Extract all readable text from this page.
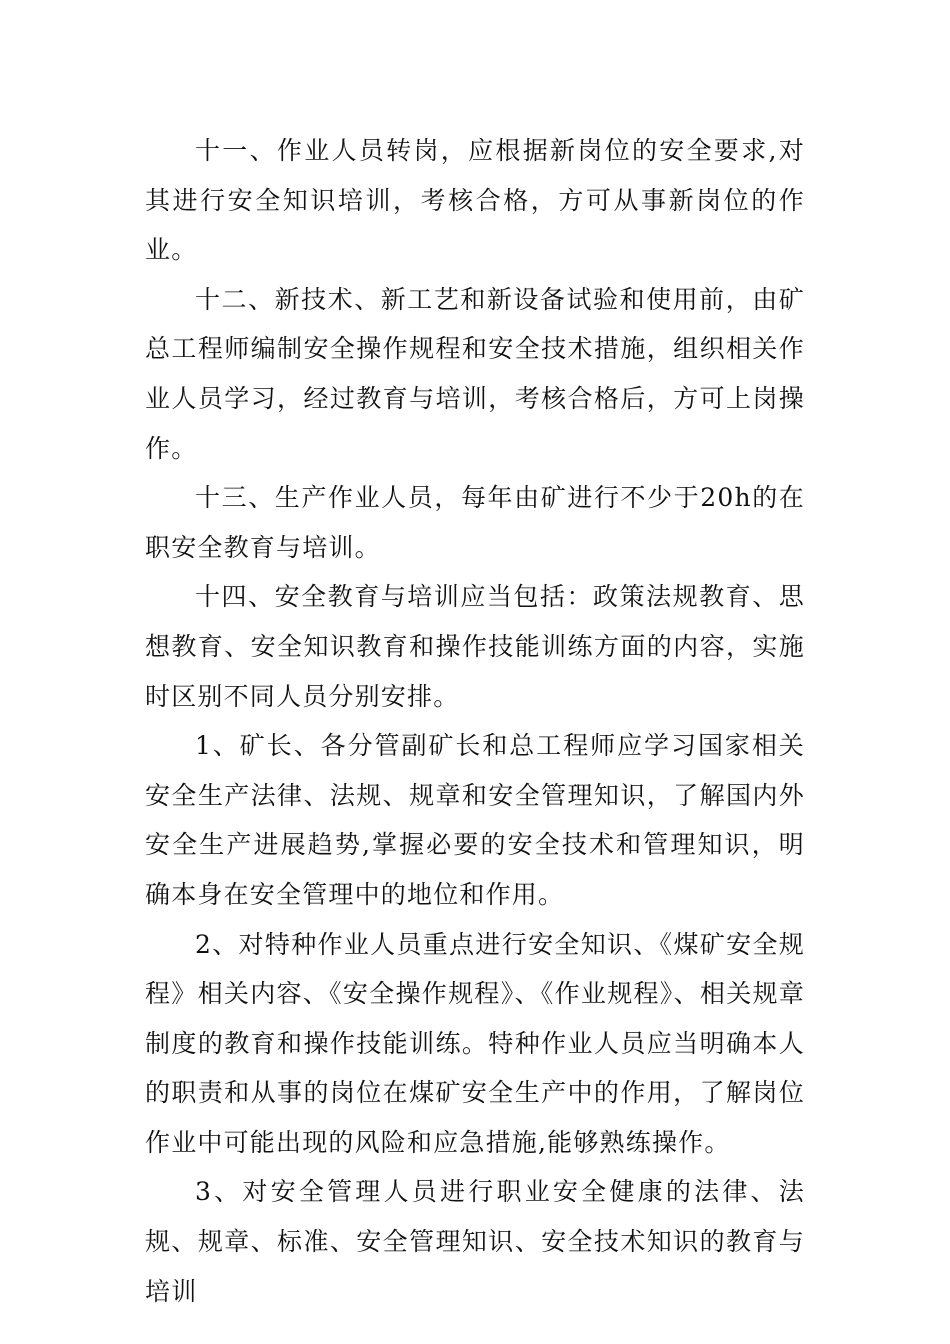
十一、作业人员转岗，应根据新岗位的安全要求,对其进行安全知识培训，考核合格，方可从事新岗位的作业。

十二、新技术、新工艺和新设备试验和使用前，由矿总工程师编制安全操作规程和安全技术措施，组织相关作业人员学习，经过教育与培训，考核合格后，方可上岗操作。

十三、生产作业人员，每年由矿进行不少于20h的在职安全教育与培训。

十四、安全教育与培训应当包括：政策法规教育、思想教育、安全知识教育和操作技能训练方面的内容，实施时区别不同人员分别安排。

1、矿长、各分管副矿长和总工程师应学习国家相关安全生产法律、法规、规章和安全管理知识，了解国内外安全生产进展趋势,掌握必要的安全技术和管理知识，明确本身在安全管理中的地位和作用。

2、对特种作业人员重点进行安全知识、《煤矿安全规程》相关内容、《安全操作规程》、《作业规程》、相关规章制度的教育和操作技能训练。特种作业人员应当明确本人的职责和从事的岗位在煤矿安全生产中的作用，了解岗位作业中可能出现的风险和应急措施,能够熟练操作。

3、对安全管理人员进行职业安全健康的法律、法规、规章、标准、安全管理知识、安全技术知识的教育与培训
